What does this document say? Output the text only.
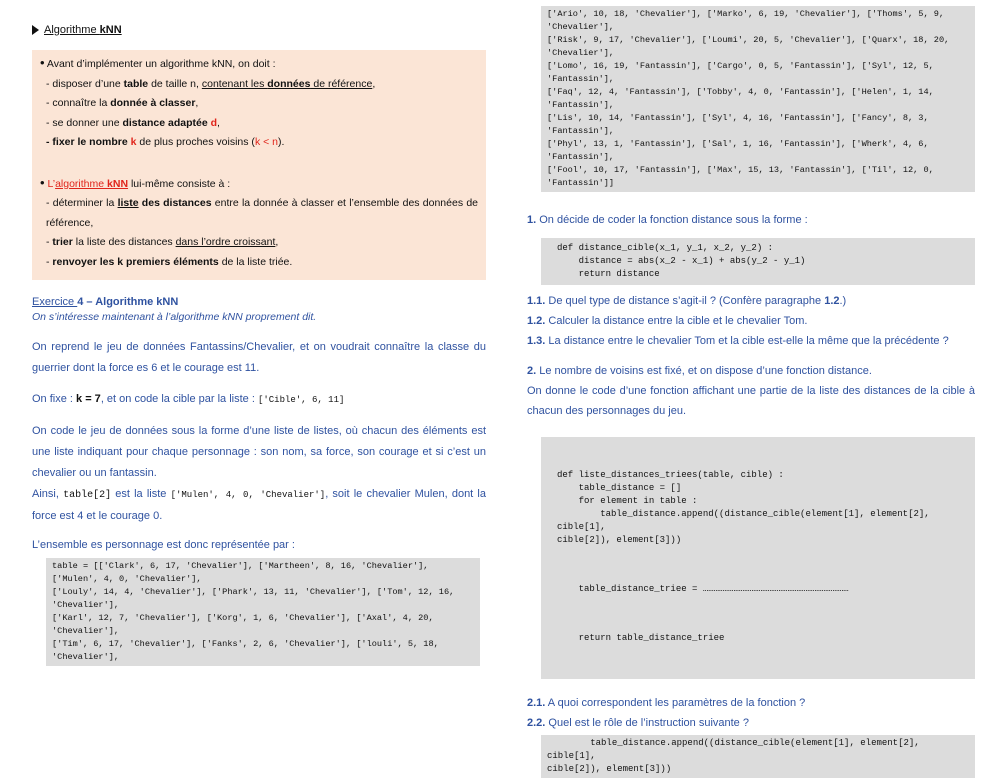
Algorithme kNN
• Avant d’implémenter un algorithme kNN, on doit :
- disposer d’une table de taille n, contenant les données de référence,
- connaître la donnée à classer,
- se donner une distance adaptée d,
- fixer le nombre k de plus proches voisins (k < n).
• L’algorithme kNN lui-même consiste à :
- déterminer la liste des distances entre la donnée à classer et l’ensemble des données de référence,
- trier la liste des distances dans l’ordre croissant,
- renvoyer les k premiers éléments de la liste triée.
Exercice 4 – Algorithme kNN
On s’intéresse maintenant à l’algorithme kNN proprement dit.
On reprend le jeu de données Fantassins/Chevalier, et on voudrait connaître la classe du guerrier dont la force es 6 et le courage est 11.
On fixe : k = 7, et on code la cible par la liste : ['Cible', 6, 11]
On code le jeu de données sous la forme d’une liste de listes, où chacun des éléments est une liste indiquant pour chaque personnage : son nom, sa force, son courage et si c’est un chevalier ou un fantassin.
Ainsi, table[2] est la liste ['Mulen', 4, 0, 'Chevalier'], soit le chevalier Mulen, dont la force est 4 et le courage 0.
L’ensemble es personnage est donc représentée par :
table = [['Clark', 6, 17, 'Chevalier'], ['Martheen', 8, 16, 'Chevalier'],
['Mulen', 4, 0, 'Chevalier'],
['Louly', 14, 4, 'Chevalier'], ['Phark', 13, 11, 'Chevalier'], ['Tom', 12, 16,
'Chevalier'],
['Karl', 12, 7, 'Chevalier'], ['Korg', 1, 6, 'Chevalier'], ['Axal', 4, 20,
'Chevalier'],
['Tim', 6, 17, 'Chevalier'], ['Fanks', 2, 6, 'Chevalier'], ['louli', 5, 18,
'Chevalier'],
['Ario', 10, 18, 'Chevalier'], ['Marko', 6, 19, 'Chevalier'], ['Thoms', 5, 9,
'Chevalier'],
['Risk', 9, 17, 'Chevalier'], ['Loumi', 20, 5, 'Chevalier'], ['Quarx', 18, 20,
'Chevalier'],
['Lomo', 16, 19, 'Fantassin'], ['Cargo', 0, 5, 'Fantassin'], ['Syl', 12, 5,
'Fantassin'],
['Faq', 12, 4, 'Fantassin'], ['Tobby', 4, 0, 'Fantassin'], ['Helen', 1, 14,
'Fantassin'],
['Lis', 10, 14, 'Fantassin'], ['Syl', 4, 16, 'Fantassin'], ['Fancy', 8, 3,
'Fantassin'],
['Phyl', 13, 1, 'Fantassin'], ['Sal', 1, 16, 'Fantassin'], ['Wherk', 4, 6,
'Fantassin'],
['Fool', 10, 17, 'Fantassin'], ['Max', 15, 13, 'Fantassin'], ['Til', 12, 0,
'Fantassin']]
1. On décide de coder la fonction distance sous la forme :
def distance_cible(x_1, y_1, x_2, y_2) :
distance = abs(x_2 - x_1) + abs(y_2 - y_1)
return distance
1.1. De quel type de distance s’agit-il ? (Confère paragraphe 1.2.)
1.2. Calculer la distance entre la cible et le chevalier Tom.
1.3. La distance entre le chevalier Tom et la cible est-elle la même que la précédente ?
2. Le nombre de voisins est fixé, et on dispose d’une fonction distance.
On donne le code d’une fonction affichant une partie de la liste des distances de la cible à chacun des personnages du jeu.

def liste_distances_triees(table, cible) :
table_distance = []
for element in table :
table_distance.append((distance_cible(element[1], element[2], cible[1],
cible[2]), element[3]))

table_distance_triee = ………………………………………………………………………

return table_distance_triee

2.1. A quoi correspondent les paramètres de la fonction ?
2.2. Quel est le rôle de l’instruction suivante ?
table_distance.append((distance_cible(element[1], element[2], cible[1],
cible[2]), element[3]))
